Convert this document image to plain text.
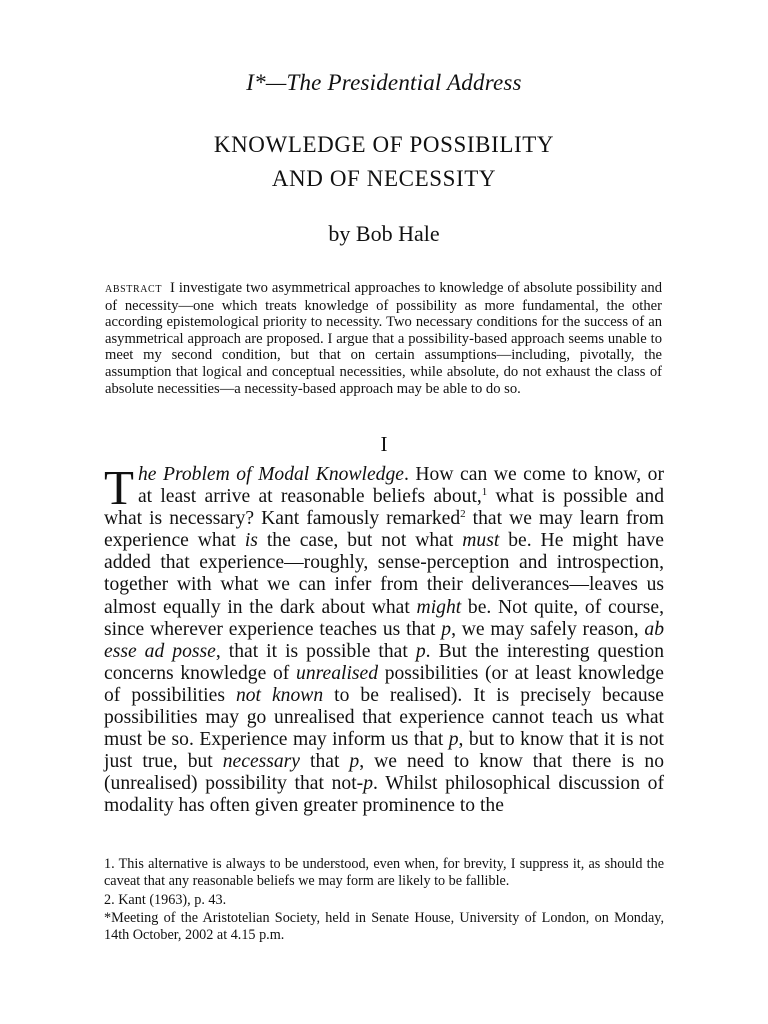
I*—The Presidential Address
KNOWLEDGE OF POSSIBILITY
AND OF NECESSITY
by Bob Hale
abstract I investigate two asymmetrical approaches to knowledge of absolute possibility and of necessity—one which treats knowledge of possibility as more fundamental, the other according epistemological priority to necessity. Two necessary conditions for the success of an asymmetrical approach are proposed. I argue that a possibility-based approach seems unable to meet my second condition, but that on certain assumptions—including, pivotally, the assumption that logical and conceptual necessities, while absolute, do not exhaust the class of absolute necessities—a necessity-based approach may be able to do so.
I
The Problem of Modal Knowledge. How can we come to know, or at least arrive at reasonable beliefs about,$^1$ what is possible and what is necessary? Kant famously remarked$^2$ that we may learn from experience what is the case, but not what must be. He might have added that experience—roughly, sense-perception and introspection, together with what we can infer from their deliverances—leaves us almost equally in the dark about what might be. Not quite, of course, since wherever experience teaches us that p, we may safely reason, ab esse ad posse, that it is possible that p. But the interesting question concerns knowledge of unrealised possibilities (or at least knowledge of possibilities not known to be realised). It is precisely because possibilities may go unrealised that experience cannot teach us what must be so. Experience may inform us that p, but to know that it is not just true, but necessary that p, we need to know that there is no (unrealised) possibility that not-p. Whilst philosophical discussion of modality has often given greater prominence to the
1. This alternative is always to be understood, even when, for brevity, I suppress it, as should the caveat that any reasonable beliefs we may form are likely to be fallible.
2. Kant (1963), p. 43.
*Meeting of the Aristotelian Society, held in Senate House, University of London, on Monday, 14th October, 2002 at 4.15 p.m.
